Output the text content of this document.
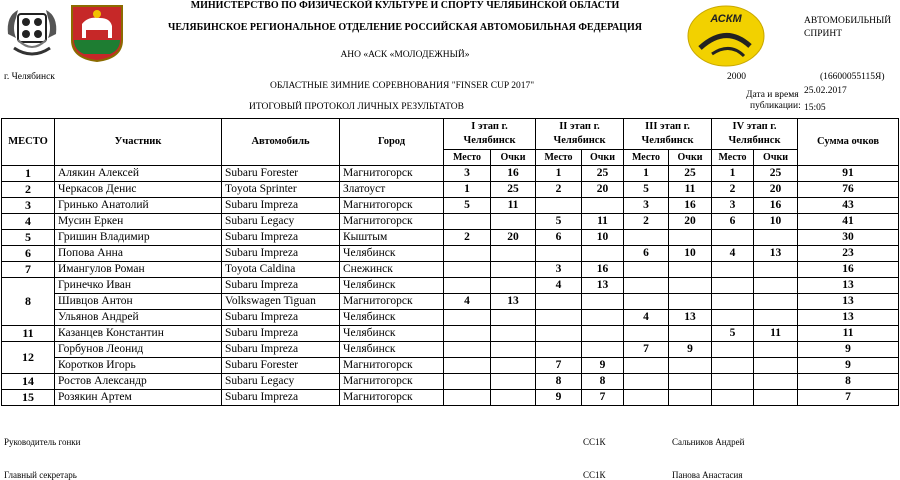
АСКМ
МИНИСТЕРСТВО ПО ФИЗИЧЕСКОЙ КУЛЬТУРЕ И СПОРТУ ЧЕЛЯБИНСКОЙ ОБЛАСТИ
ЧЕЛЯБИНСКОЕ РЕГИОНАЛЬНОЕ ОТДЕЛЕНИЕ РОССИЙСКАЯ АВТОМОБИЛЬНАЯ ФЕДЕРАЦИЯ
АНО «АСК «МОЛОДЕЖНЫЙ»
АВТОМОБИЛЬНЫЙ
СПРИНТ
г. Челябинск
ОБЛАСТНЫЕ ЗИМНИЕ СОРЕВНОВАНИЯ "FINSER CUP 2017"
ИТОГОВЫЙ ПРОТОКОЛ ЛИЧНЫХ РЕЗУЛЬТАТОВ
2000	(16600055115Я)
Дата и время 25.02.2017
публикации: 15:05
МЕСТО	Участник	Автомобиль	Город	I этап г. Челябинск		II этап г. Челябинск		III этап г. Челябинск		IV этап г. Челябинск		Сумма очков
				Место	Очки	Место	Очки	Место	Очки	Место	Очки	
1	Алякин Алексей	Subaru Forester	Магнитогорск	3	16	1	25	1	25	1	25	91
2	Черкасов Денис	Toyota Sprinter	Златоуст	1	25	2	20	5	11	2	20	76
3	Гринько Анатолий	Subaru Impreza	Магнитогорск	5	11			3	16	3	16	43
4	Мусин Еркен	Subaru Legacy	Магнитогорск			5	11	2	20	6	10	41
5	Гришин Владимир	Subaru Impreza	Кыштым	2	20	6	10					30
6	Попова Анна	Subaru Impreza	Челябинск					6	10	4	13	23
7	Имангулов Роман	Toyota Caldina	Снежинск			3	16					16
8	Гринечко Иван	Subaru Impreza	Челябинск			4	13					13
	Шивцов Антон	Volkswagen Tiguan	Магнитогорск	4	13							13
	Ульянов Андрей	Subaru Impreza	Челябинск					4	13			13
11	Казанцев Константин	Subaru Impreza	Челябинск							5	11	11
12	Горбунов Леонид	Subaru Impreza	Челябинск					7	9			9
	Коротков Игорь	Subaru Forester	Магнитогорск			7	9					9
14	Ростов Александр	Subaru Legacy	Магнитогорск			8	8					8
15	Розякин Артем	Subaru Impreza	Магнитогорск			9	7					7
Руководитель гонки	СС1К	Сальников Андрей
Главный секретарь	СС1К	Панова Анастасия
